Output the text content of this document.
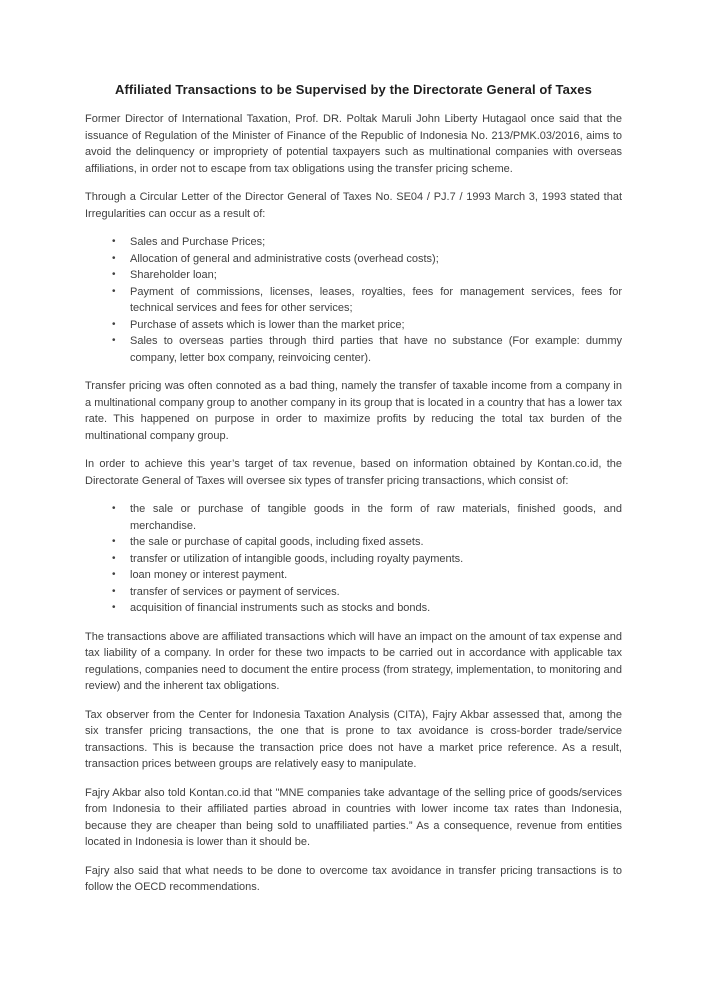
Affiliated Transactions to be Supervised by the Directorate General of Taxes

Former Director of International Taxation, Prof. DR. Poltak Maruli John Liberty Hutagaol once said that the issuance of Regulation of the Minister of Finance of the Republic of Indonesia No. 213/PMK.03/2016, aims to avoid the delinquency or impropriety of potential taxpayers such as multinational companies with overseas affiliations, in order not to escape from tax obligations using the transfer pricing scheme.

Through a Circular Letter of the Director General of Taxes No. SE04 / PJ.7 / 1993 March 3, 1993 stated that Irregularities can occur as a result of:

•	Sales and Purchase Prices;
•	Allocation of general and administrative costs (overhead costs);
•	Shareholder loan;
•	Payment of commissions, licenses, leases, royalties, fees for management services, fees for technical services and fees for other services;
•	Purchase of assets which is lower than the market price;
•	Sales to overseas parties through third parties that have no substance (For example: dummy company, letter box company, reinvoicing center).

Transfer pricing was often connoted as a bad thing, namely the transfer of taxable income from a company in a multinational company group to another company in its group that is located in a country that has a lower tax rate. This happened on purpose in order to maximize profits by reducing the total tax burden of the multinational company group.

In order to achieve this year’s target of tax revenue, based on information obtained by Kontan.co.id, the Directorate General of Taxes will oversee six types of transfer pricing transactions, which consist of:

•	the sale or purchase of tangible goods in the form of raw materials, finished goods, and merchandise.
•	the sale or purchase of capital goods, including fixed assets.
•	transfer or utilization of intangible goods, including royalty payments.
•	loan money or interest payment.
•	transfer of services or payment of services.
•	acquisition of financial instruments such as stocks and bonds.

The transactions above are affiliated transactions which will have an impact on the amount of tax expense and tax liability of a company. In order for these two impacts to be carried out in accordance with applicable tax regulations, companies need to document the entire process (from strategy, implementation, to monitoring and review) and the inherent tax obligations.

Tax observer from the Center for Indonesia Taxation Analysis (CITA), Fajry Akbar assessed that, among the six transfer pricing transactions, the one that is prone to tax avoidance is cross-border trade/service transactions. This is because the transaction price does not have a market price reference. As a result, transaction prices between groups are relatively easy to manipulate.

Fajry Akbar also told Kontan.co.id that "MNE companies take advantage of the selling price of goods/services from Indonesia to their affiliated parties abroad in countries with lower income tax rates than Indonesia, because they are cheaper than being sold to unaffiliated parties.” As a consequence, revenue from entities located in Indonesia is lower than it should be.

Fajry also said that what needs to be done to overcome tax avoidance in transfer pricing transactions is to follow the OECD recommendations.
